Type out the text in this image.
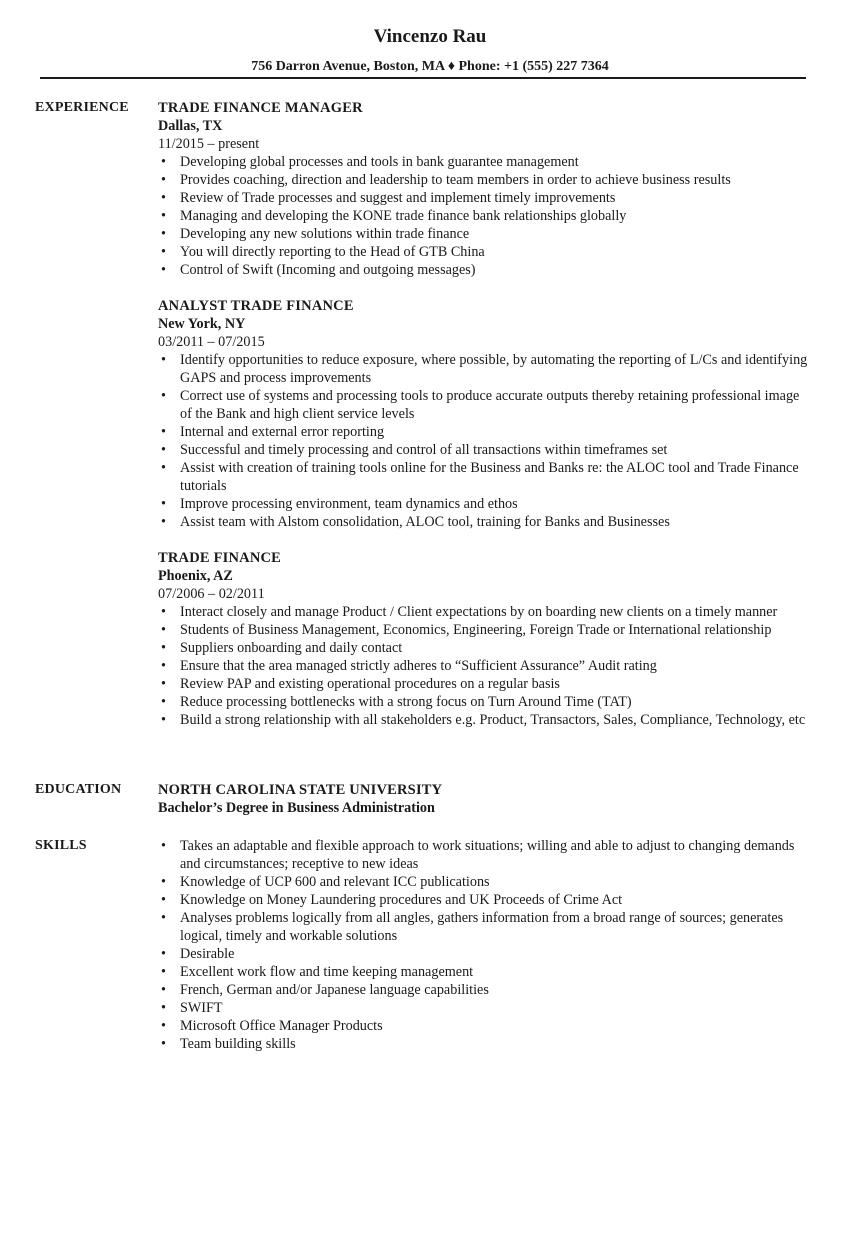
Vincenzo Rau
756 Darron Avenue, Boston, MA ♦ Phone: +1 (555) 227 7364
EXPERIENCE TRADE FINANCE MANAGER
Dallas, TX
11/2015 – present
• Developing global processes and tools in bank guarantee management
• Provides coaching, direction and leadership to team members in order to achieve business results
• Review of Trade processes and suggest and implement timely improvements
• Managing and developing the KONE trade finance bank relationships globally
• Developing any new solutions within trade finance
• You will directly reporting to the Head of GTB China
• Control of Swift (Incoming and outgoing messages)
ANALYST TRADE FINANCE
New York, NY
03/2011 – 07/2015
• Identify opportunities to reduce exposure, where possible, by automating the reporting of L/Cs and identifying GAPS and process improvements
• Correct use of systems and processing tools to produce accurate outputs thereby retaining professional image of the Bank and high client service levels
• Internal and external error reporting
• Successful and timely processing and control of all transactions within timeframes set
• Assist with creation of training tools online for the Business and Banks re: the ALOC tool and Trade Finance tutorials
• Improve processing environment, team dynamics and ethos
• Assist team with Alstom consolidation, ALOC tool, training for Banks and Businesses
TRADE FINANCE
Phoenix, AZ
07/2006 – 02/2011
• Interact closely and manage Product / Client expectations by on boarding new clients on a timely manner
• Students of Business Management, Economics, Engineering, Foreign Trade or International relationship
• Suppliers onboarding and daily contact
• Ensure that the area managed strictly adheres to “Sufficient Assurance” Audit rating
• Review PAP and existing operational procedures on a regular basis
• Reduce processing bottlenecks with a strong focus on Turn Around Time (TAT)
• Build a strong relationship with all stakeholders e.g. Product, Transactors, Sales, Compliance, Technology, etc
EDUCATION	NORTH CAROLINA STATE UNIVERSITY
Bachelor’s Degree in Business Administration
SKILLS
•	Takes an adaptable and flexible approach to work situations; willing and able to adjust to changing demands and circumstances; receptive to new ideas
• Knowledge of UCP 600 and relevant ICC publications
• Knowledge on Money Laundering procedures and UK Proceeds of Crime Act
• Analyses problems logically from all angles, gathers information from a broad range of sources; generates logical, timely and workable solutions
• Desirable
• Excellent work flow and time keeping management
• French, German and/or Japanese language capabilities
• SWIFT
• Microsoft Office Manager Products
• Team building skills
